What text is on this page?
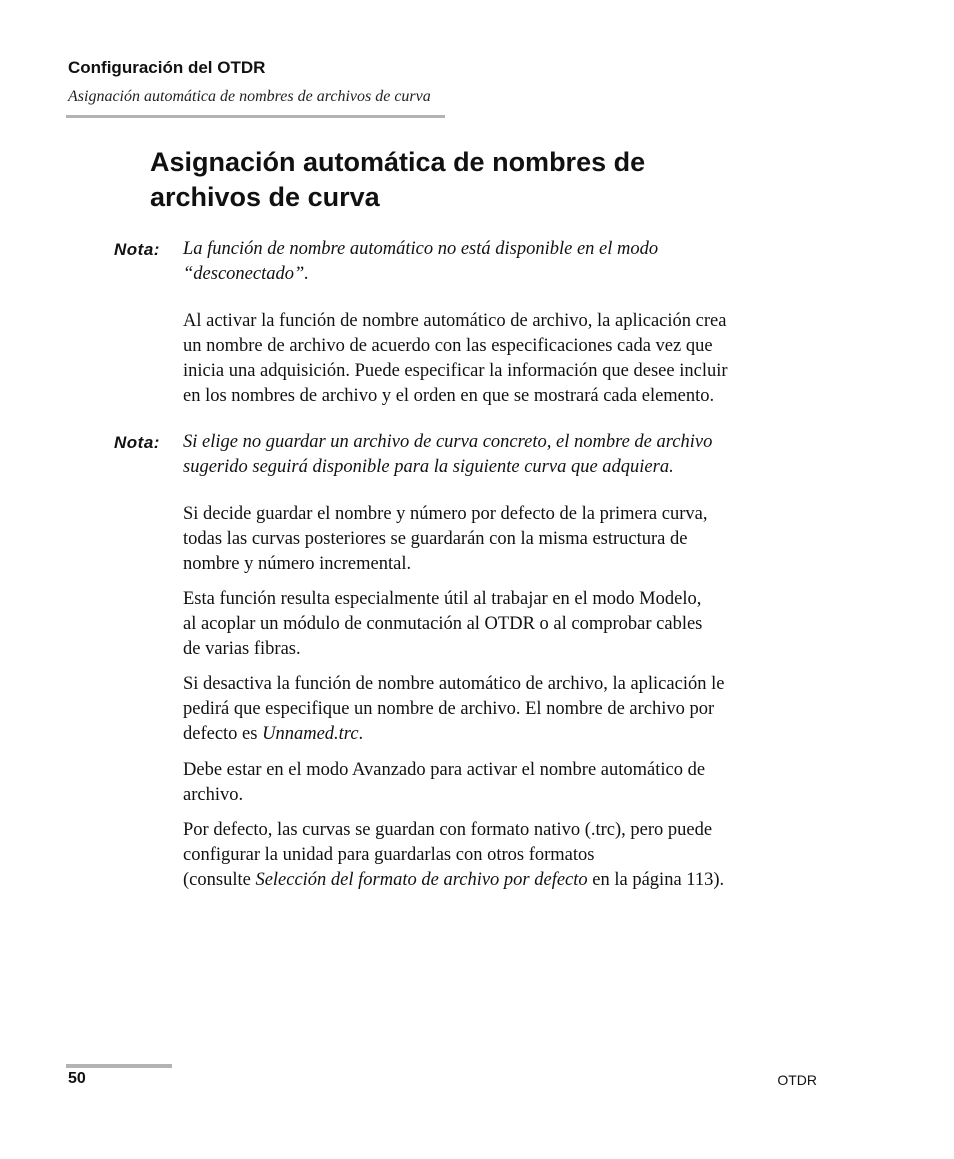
Configuración del OTDR
Asignación automática de nombres de archivos de curva
Asignación automática de nombres de
archivos de curva
Nota: La función de nombre automático no está disponible en el modo
“desconectado”.

Al activar la función de nombre automático de archivo, la aplicación crea
un nombre de archivo de acuerdo con las especificaciones cada vez que
inicia una adquisición. Puede especificar la información que desee incluir
en los nombres de archivo y el orden en que se mostrará cada elemento.

Nota: Si elige no guardar un archivo de curva concreto, el nombre de archivo
sugerido seguirá disponible para la siguiente curva que adquiera.

Si decide guardar el nombre y número por defecto de la primera curva,
todas las curvas posteriores se guardarán con la misma estructura de
nombre y número incremental.

Esta función resulta especialmente útil al trabajar en el modo Modelo,
al acoplar un módulo de conmutación al OTDR o al comprobar cables
de varias fibras.

Si desactiva la función de nombre automático de archivo, la aplicación le
pedirá que especifique un nombre de archivo. El nombre de archivo por
defecto es Unnamed.trc.

Debe estar en el modo Avanzado para activar el nombre automático de
archivo.

Por defecto, las curvas se guardan con formato nativo (.trc), pero puede
configurar la unidad para guardarlas con otros formatos
(consulte Selección del formato de archivo por defecto en la página 113).

50	OTDR
